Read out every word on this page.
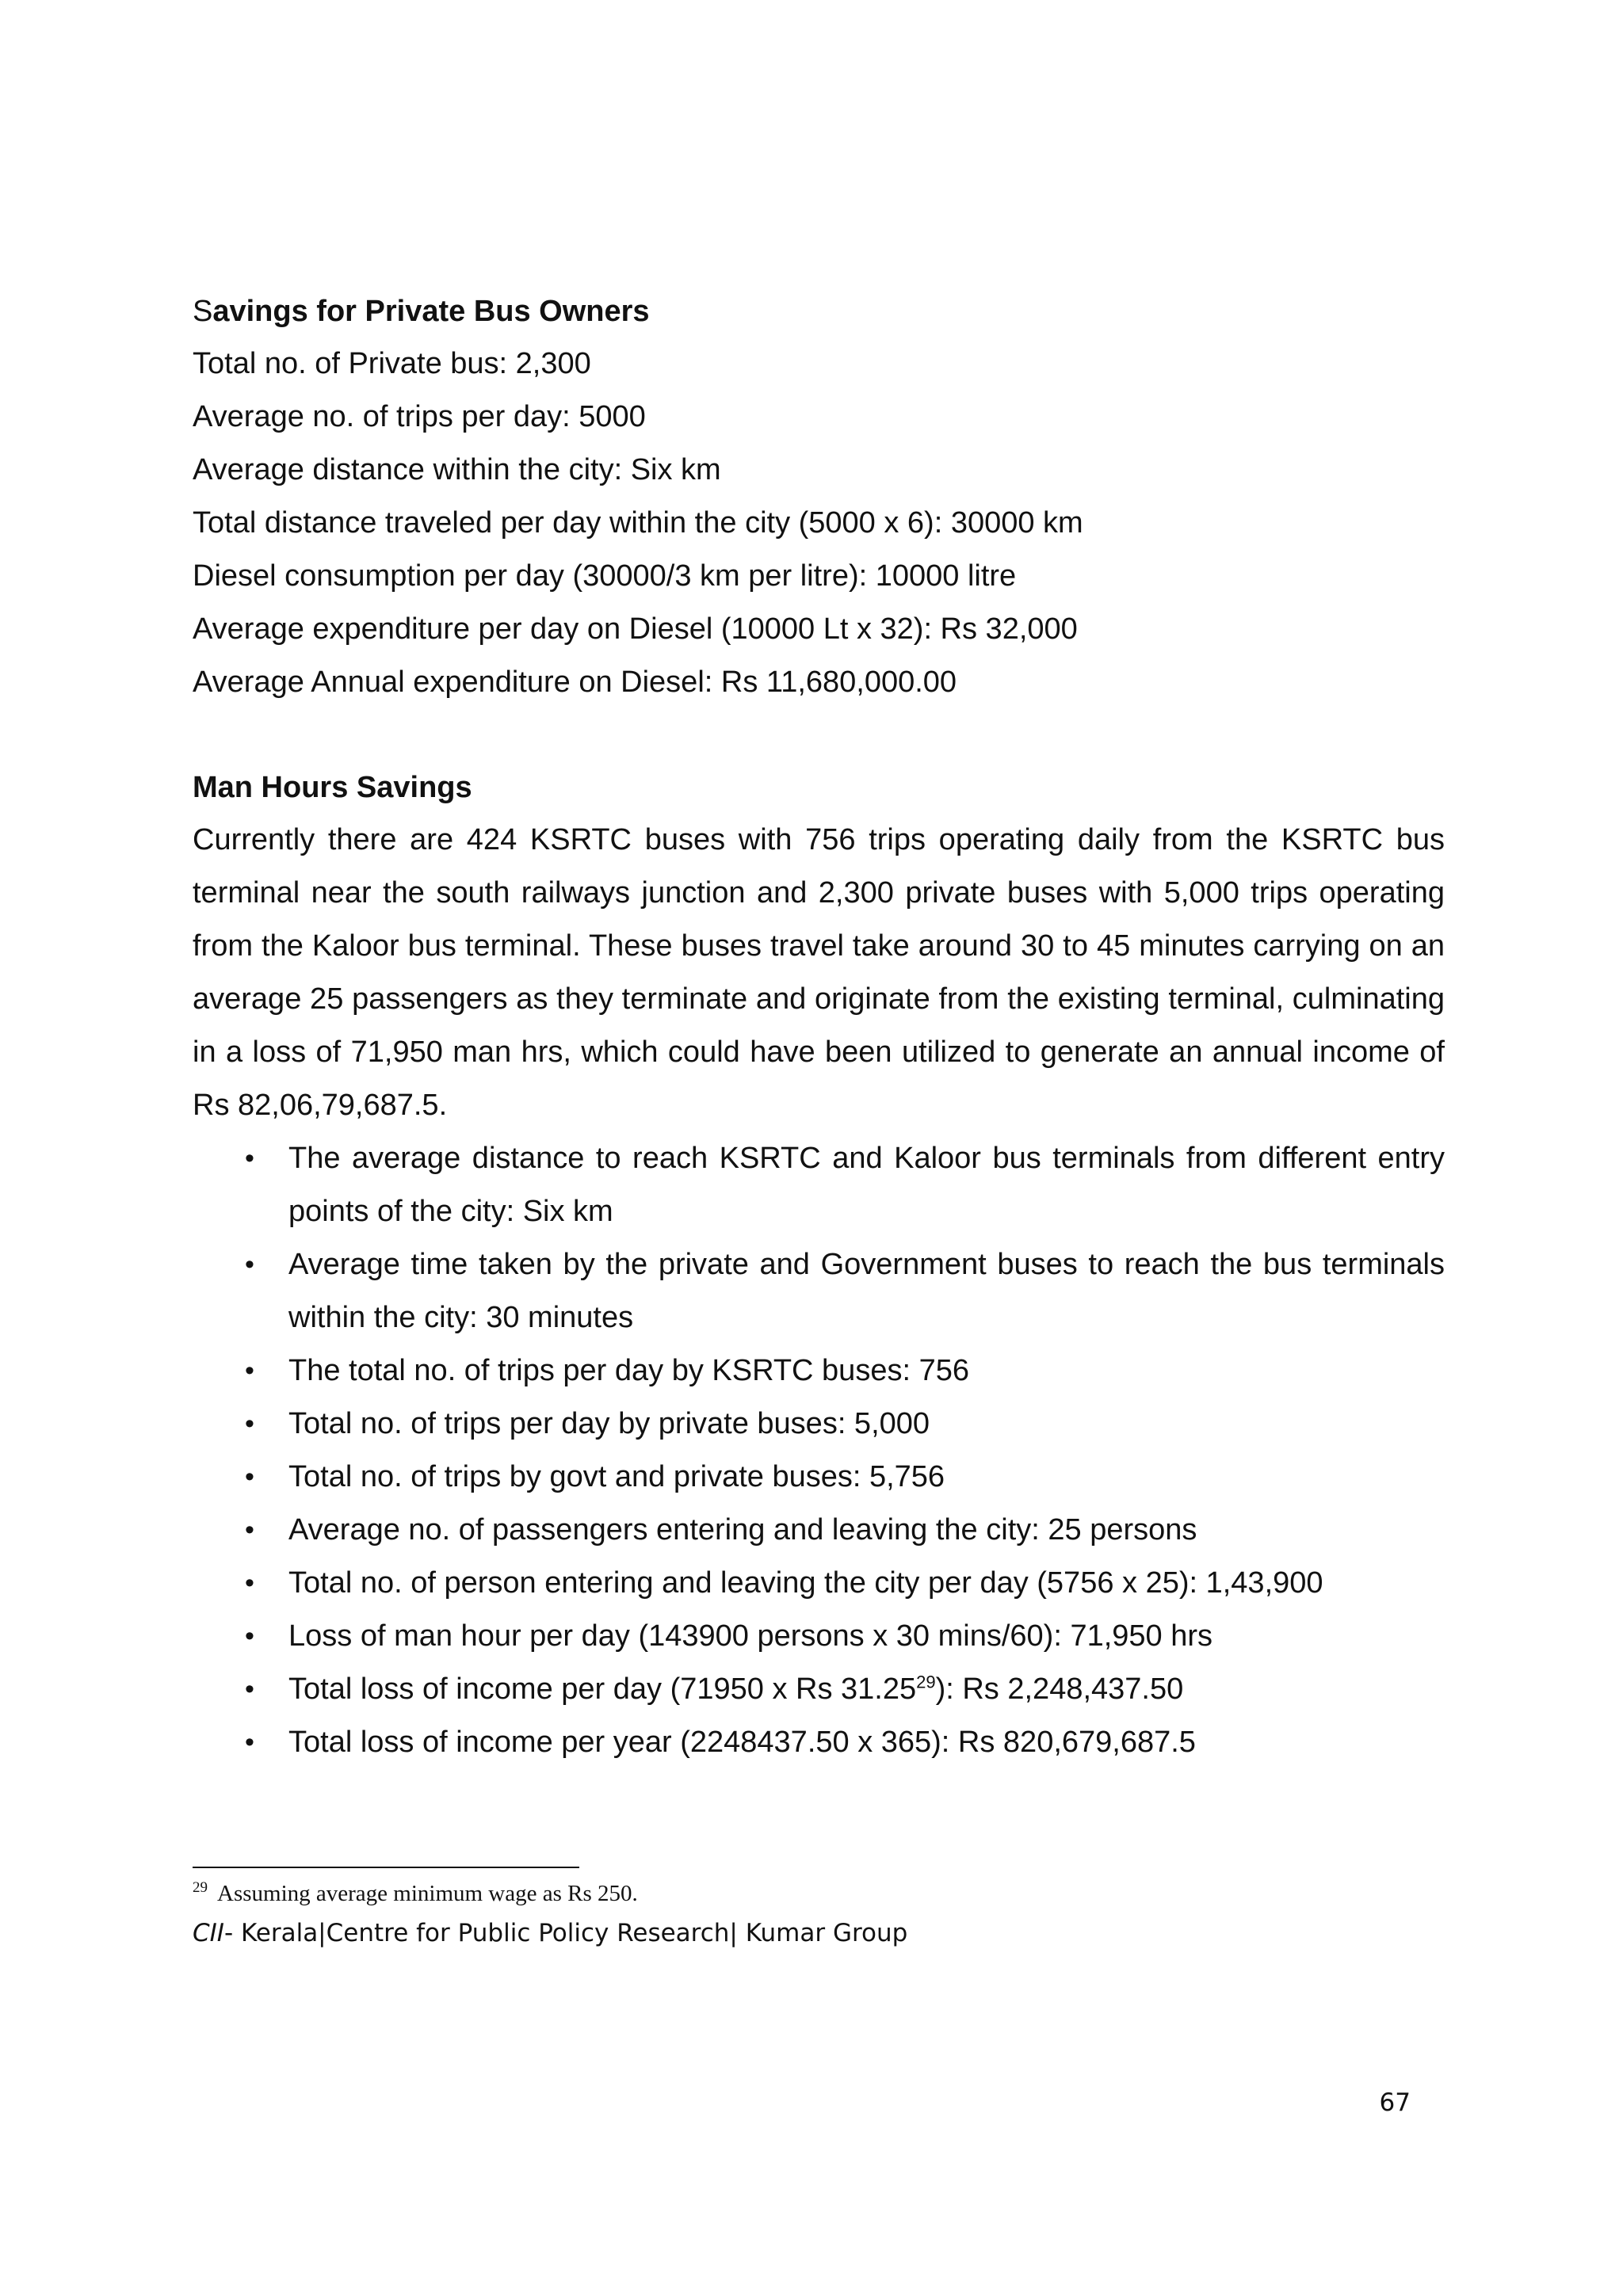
Savings for Private Bus Owners
Total no. of Private bus: 2,300
Average no. of trips per day: 5000
Average distance within the city: Six km
Total distance traveled per day within the city (5000 x 6): 30000 km
Diesel consumption per day (30000/3 km per litre): 10000 litre
Average expenditure per day on Diesel (10000 Lt x 32): Rs 32,000
Average Annual expenditure on Diesel: Rs 11,680,000.00
Man Hours Savings
Currently there are 424 KSRTC buses with 756 trips operating daily from the KSRTC bus terminal near the south railways junction and 2,300 private buses with 5,000 trips operating from the Kaloor bus terminal. These buses travel take around 30 to 45 minutes carrying on an average 25 passengers as they terminate and originate from the existing terminal, culminating in a loss of 71,950 man hrs, which could have been utilized to generate an annual income of Rs 82,06,79,687.5.
•	The average distance to reach KSRTC and Kaloor bus terminals from different entry points of the city: Six km
•	Average time taken by the private and Government buses to reach the bus terminals within the city: 30 minutes
•	The total no. of trips per day by KSRTC buses: 756
•	Total no. of trips per day by private buses: 5,000
•	Total no. of trips by govt and private buses: 5,756
•	Average no. of passengers entering and leaving the city: 25 persons
•	Total no. of person entering and leaving the city per day (5756 x 25): 1,43,900
•	Loss of man hour per day (143900 persons x 30 mins/60): 71,950 hrs
•	Total loss of income per day (71950 x Rs 31.25$^{29}$): Rs 2,248,437.50
•	Total loss of income per year (2248437.50 x 365): Rs 820,679,687.5
$^{29}$ Assuming average minimum wage as Rs 250.
CII- Kerala|Centre for Public Policy Research| Kumar Group
67
